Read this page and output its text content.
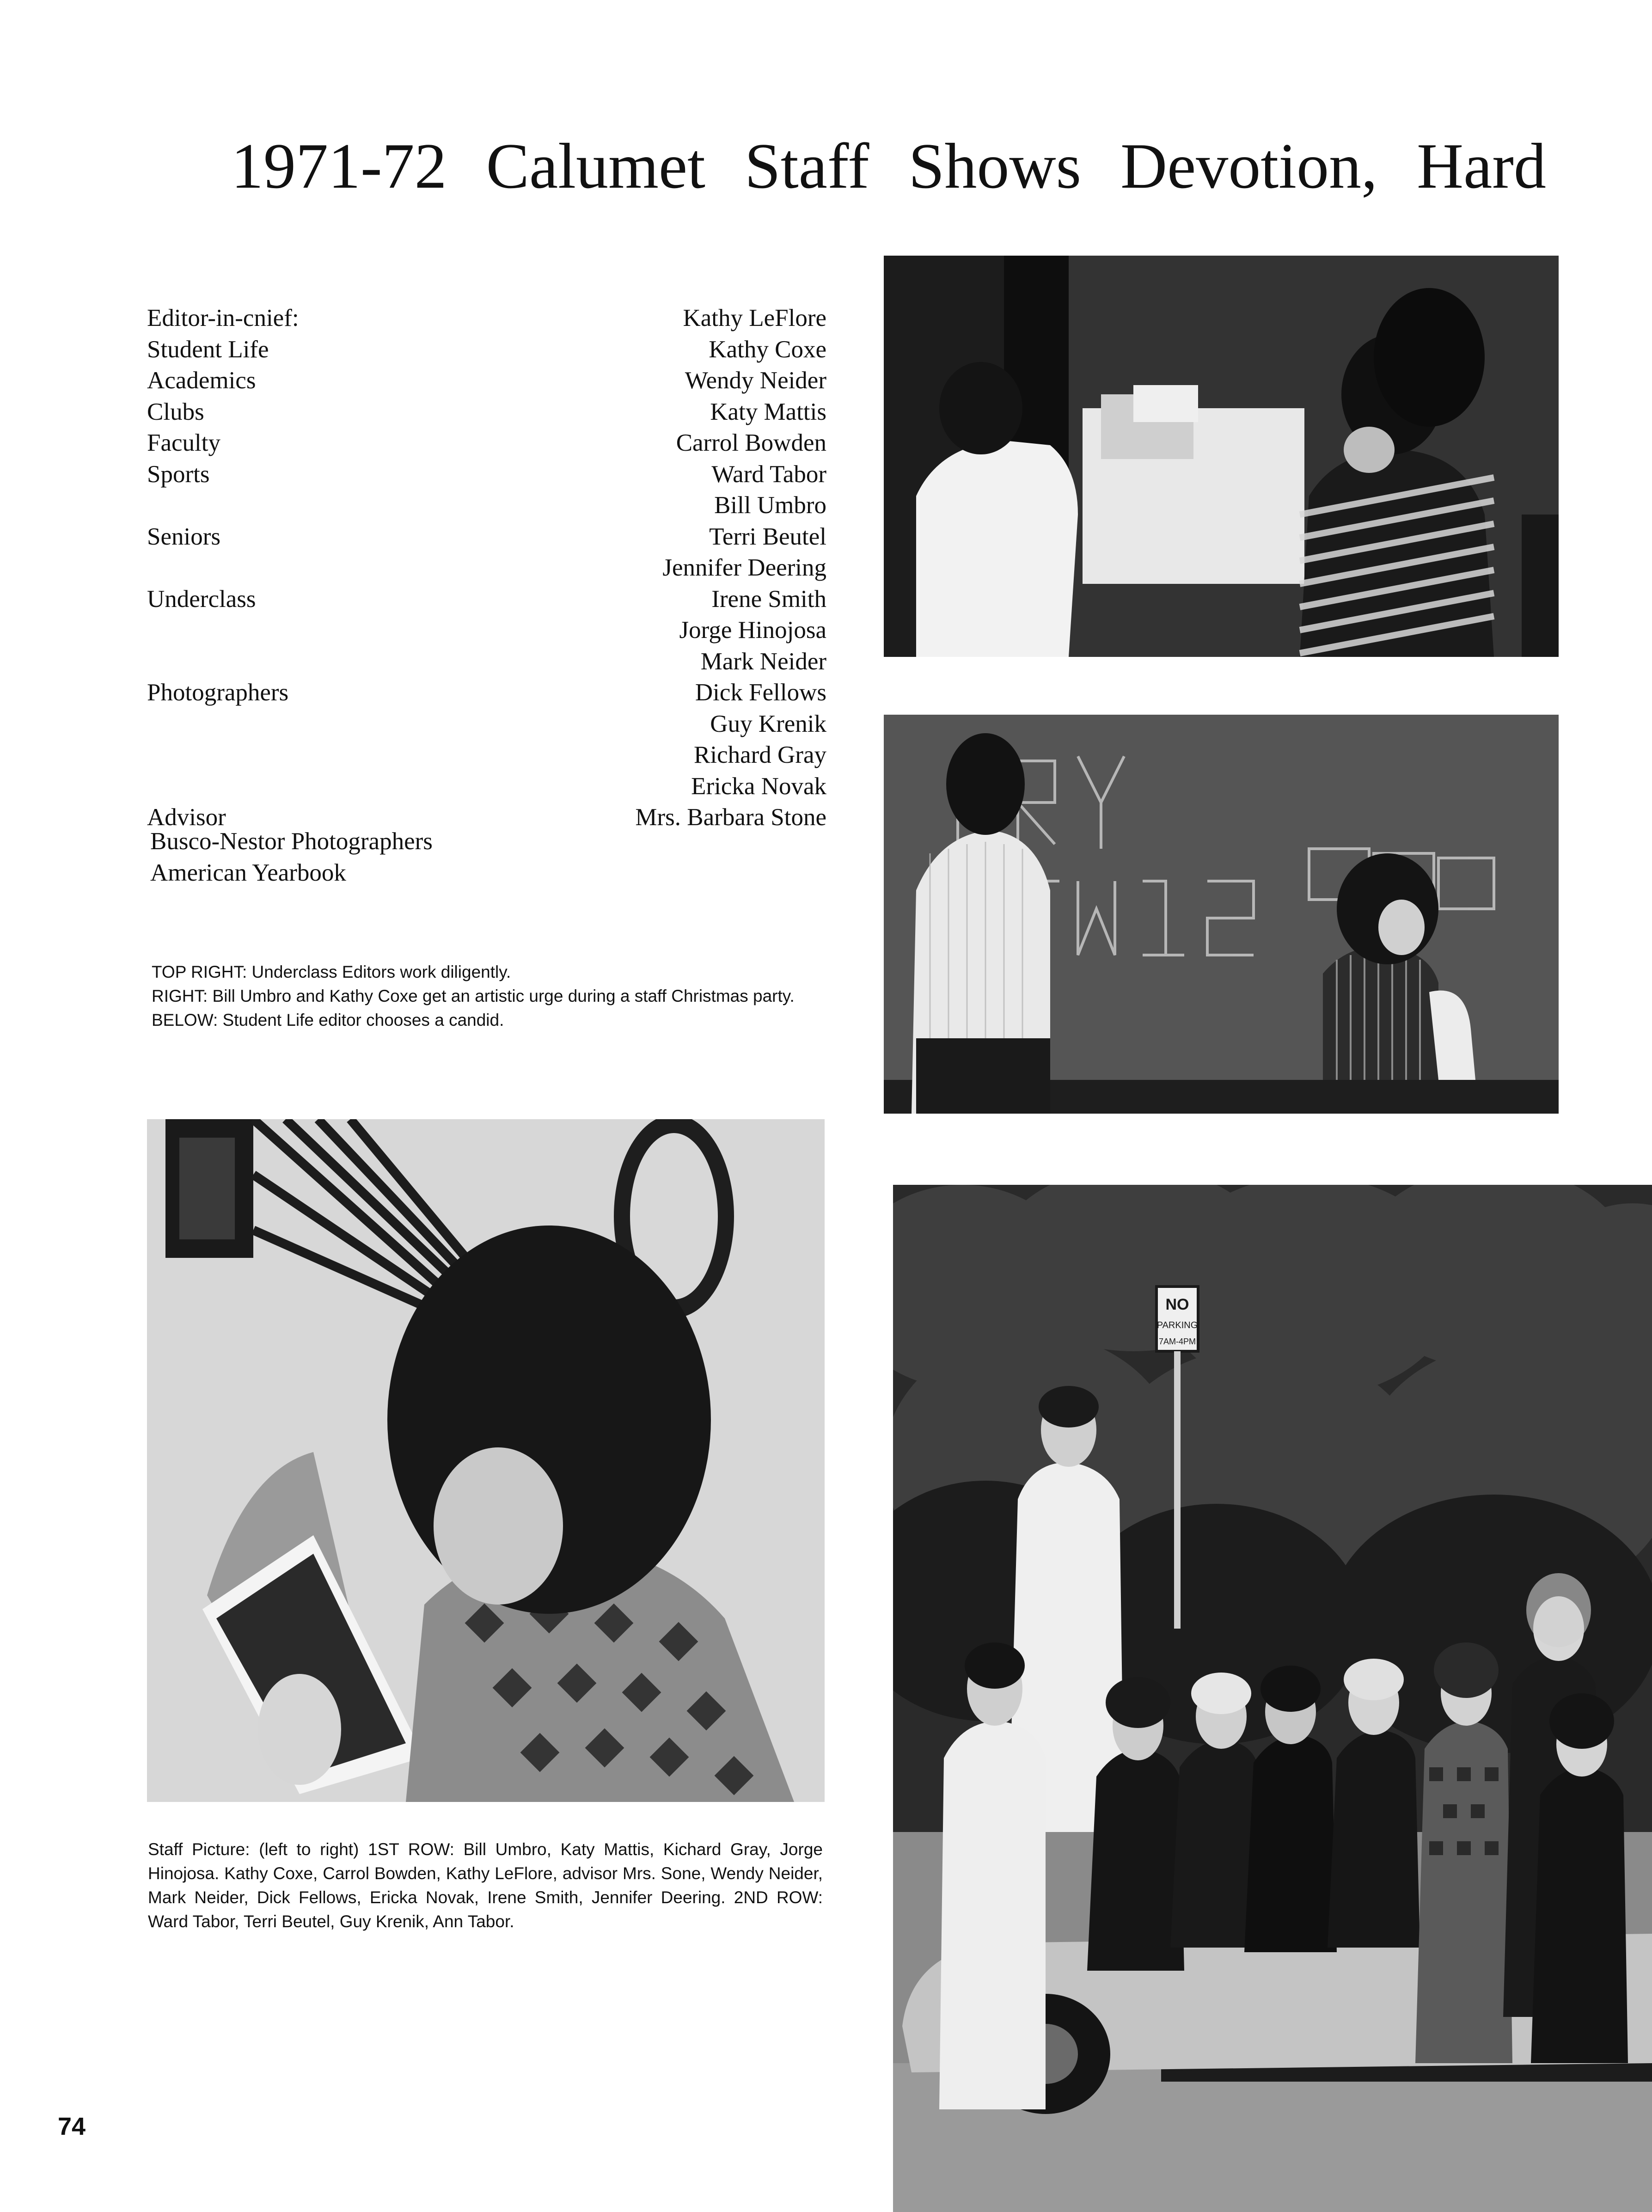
1971-72 Calumet Staff Shows Devotion, Hard
Editor-in-cnief:	Kathy LeFlore
Student Life	Kathy Coxe
Academics	Wendy Neider
Clubs	Katy Mattis
Faculty	Carrol Bowden
Sports	Ward Tabor
Bill Umbro
Seniors	Terri Beutel
Jennifer Deering
Underclass	Irene Smith
Jorge Hinojosa
Mark Neider
Photographers	Dick Fellows
Guy Krenik
Richard Gray
Ericka Novak
Advisor	Mrs. Barbara Stone
Busco-Nestor Photographers
American Yearbook

TOP RIGHT: Underclass Editors work diligently.

RIGHT: Bill Umbro and Kathy Coxe get an artistic urge during a staff Christmas party.

BELOW: Student Life editor chooses a candid.

NO
PARKING
7AM-4PM
Staff Picture: (left to right) 1ST ROW: Bill Umbro, Katy Mattis, Kichard Gray, Jorge Hinojosa. Kathy Coxe, Carrol Bowden, Kathy LeFlore, advisor Mrs. Sone, Wendy Neider, Mark Neider, Dick Fellows, Ericka Novak, Irene Smith, Jennifer Deering. 2ND ROW: Ward Tabor, Terri Beutel, Guy Krenik, Ann Tabor.
74
